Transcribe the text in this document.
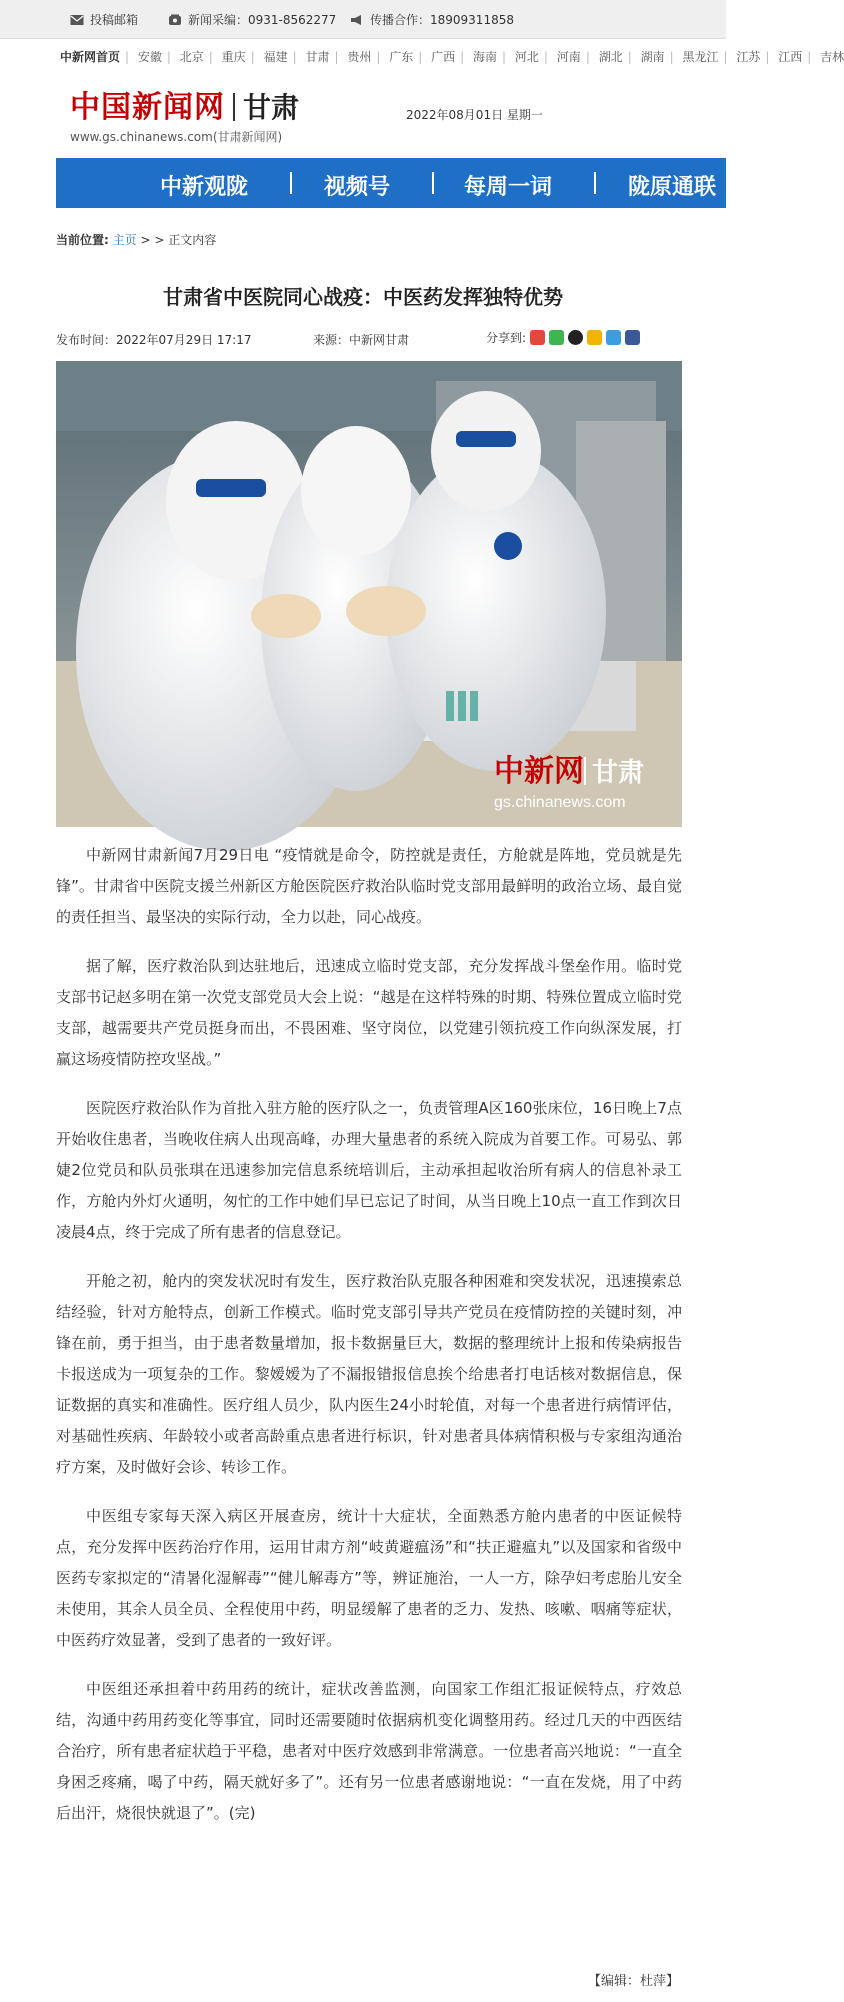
投稿邮箱	新闻采编：0931-8562277	传播合作：18909311858
中新网首页 | 安徽 | 北京 | 重庆 | 福建 | 甘肃 | 贵州 | 广东 | 广西 | 海南 | 河北 | 河南 | 湖北 | 湖南 | 黑龙江 | 江苏 | 江西 | 吉林
中国新闻网 甘肃
www.gs.chinanews.com(甘肃新闻网)
2022年08月01日 星期一
中新观陇	视频号	每周一词	陇原通联
当前位置: 主页 > > 正文内容
甘肃省中医院同心战疫：中医药发挥独特优势
发布时间：2022年07月29日 17:17	来源：中新网甘肃	分享到:
中新网 甘肃
gs.chinanews.com

中新网甘肃新闻7月29日电 “疫情就是命令，防控就是责任，方舱就是阵地，党员就是先锋”。甘肃省中医院支援兰州新区方舱医院医疗救治队临时党支部用最鲜明的政治立场、最自觉的责任担当、最坚决的实际行动，全力以赴，同心战疫。

据了解，医疗救治队到达驻地后，迅速成立临时党支部，充分发挥战斗堡垒作用。临时党支部书记赵多明在第一次党支部党员大会上说：“越是在这样特殊的时期、特殊位置成立临时党支部，越需要共产党员挺身而出，不畏困难、坚守岗位，以党建引领抗疫工作向纵深发展，打赢这场疫情防控攻坚战。”

医院医疗救治队作为首批入驻方舱的医疗队之一，负责管理A区160张床位，16日晚上7点开始收住患者，当晚收住病人出现高峰，办理大量患者的系统入院成为首要工作。可易弘、郭婕2位党员和队员张琪在迅速参加完信息系统培训后，主动承担起收治所有病人的信息补录工作，方舱内外灯火通明，匆忙的工作中她们早已忘记了时间，从当日晚上10点一直工作到次日凌晨4点，终于完成了所有患者的信息登记。

开舱之初，舱内的突发状况时有发生，医疗救治队克服各种困难和突发状况，迅速摸索总结经验，针对方舱特点，创新工作模式。临时党支部引导共产党员在疫情防控的关键时刻，冲锋在前，勇于担当，由于患者数量增加，报卡数据量巨大，数据的整理统计上报和传染病报告卡报送成为一项复杂的工作。黎嫒嫒为了不漏报错报信息挨个给患者打电话核对数据信息，保证数据的真实和准确性。医疗组人员少，队内医生24小时轮值，对每一个患者进行病情评估，对基础性疾病、年龄较小或者高龄重点患者进行标识，针对患者具体病情积极与专家组沟通治疗方案，及时做好会诊、转诊工作。

中医组专家每天深入病区开展查房，统计十大症状，全面熟悉方舱内患者的中医证候特点，充分发挥中医药治疗作用，运用甘肃方剂“岐黄避瘟汤”和“扶正避瘟丸”以及国家和省级中医药专家拟定的“清暑化湿解毒”“健儿解毒方”等，辨证施治，一人一方，除孕妇考虑胎儿安全未使用，其余人员全员、全程使用中药，明显缓解了患者的乏力、发热、咳嗽、咽痛等症状，中医药疗效显著，受到了患者的一致好评。

中医组还承担着中药用药的统计，症状改善监测，向国家工作组汇报证候特点，疗效总结，沟通中药用药变化等事宜，同时还需要随时依据病机变化调整用药。经过几天的中西医结合治疗，所有患者症状趋于平稳，患者对中医疗效感到非常满意。一位患者高兴地说：“一直全身困乏疼痛，喝了中药，隔天就好多了”。还有另一位患者感谢地说：“一直在发烧，用了中药后出汗，烧很快就退了”。(完)

【编辑：杜萍】
